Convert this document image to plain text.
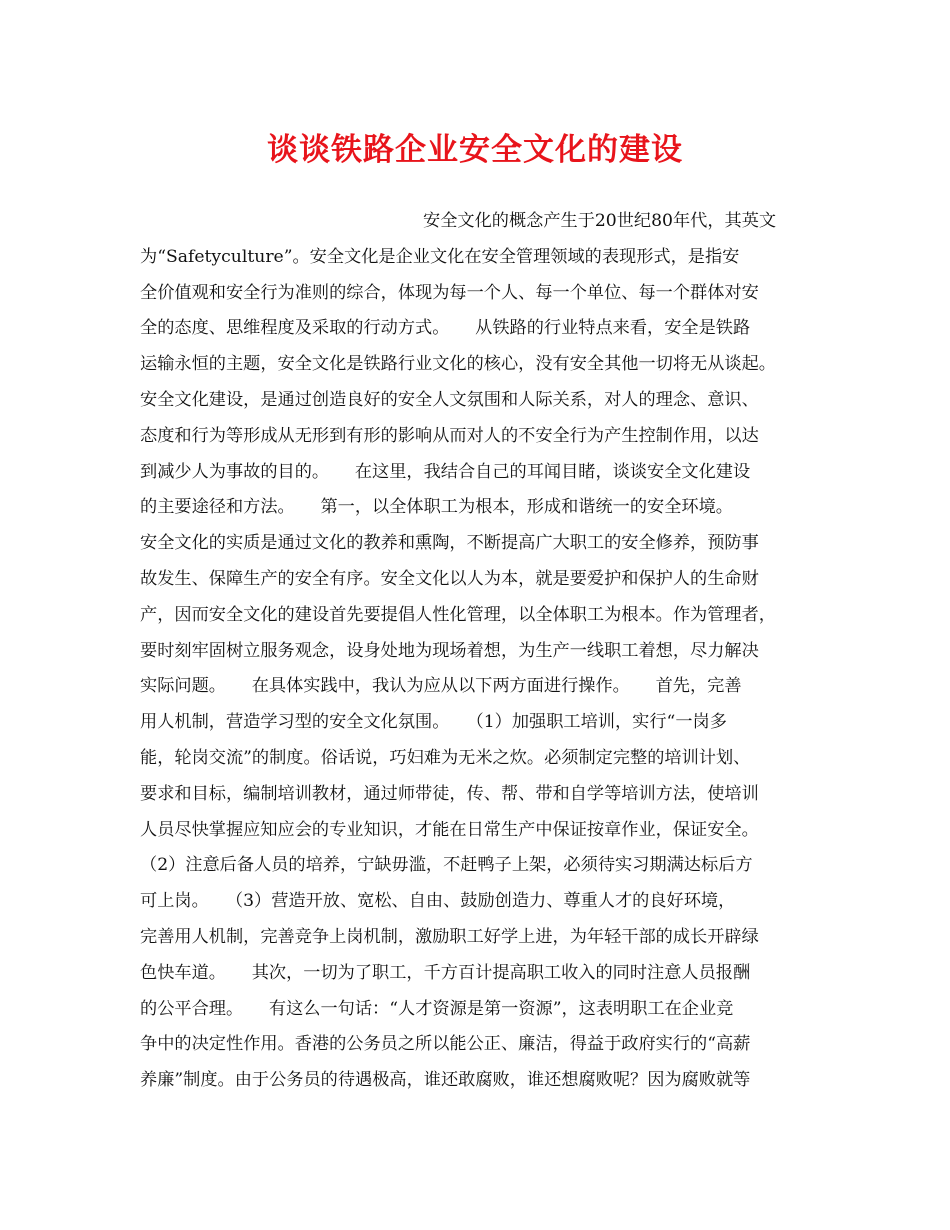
谈谈铁路企业安全文化的建设
安全文化的概念产生于20世纪80年代，其英文
为“Safetyculture”。安全文化是企业文化在安全管理领域的表现形式，是指安
全价值观和安全行为准则的综合，体现为每一个人、每一个单位、每一个群体对安
全的态度、思维程度及采取的行动方式。　　从铁路的行业特点来看，安全是铁路
运输永恒的主题，安全文化是铁路行业文化的核心，没有安全其他一切将无从谈起。
安全文化建设，是通过创造良好的安全人文氛围和人际关系，对人的理念、意识、
态度和行为等形成从无形到有形的影响从而对人的不安全行为产生控制作用，以达
到减少人为事故的目的。　　在这里，我结合自己的耳闻目睹，谈谈安全文化建设
的主要途径和方法。　　第一，以全体职工为根本，形成和谐统一的安全环境。
安全文化的实质是通过文化的教养和熏陶，不断提高广大职工的安全修养，预防事
故发生、保障生产的安全有序。安全文化以人为本，就是要爱护和保护人的生命财
产，因而安全文化的建设首先要提倡人性化管理，以全体职工为根本。作为管理者，
要时刻牢固树立服务观念，设身处地为现场着想，为生产一线职工着想，尽力解决
实际问题。　　在具体实践中，我认为应从以下两方面进行操作。　　首先，完善
用人机制，营造学习型的安全文化氛围。　　（1）加强职工培训，实行“一岗多
能，轮岗交流”的制度。俗话说，巧妇难为无米之炊。必须制定完整的培训计划、
要求和目标，编制培训教材，通过师带徒，传、帮、带和自学等培训方法，使培训
人员尽快掌握应知应会的专业知识，才能在日常生产中保证按章作业，保证安全。
（2）注意后备人员的培养，宁缺毋滥，不赶鸭子上架，必须待实习期满达标后方
可上岗。　　（3）营造开放、宽松、自由、鼓励创造力、尊重人才的良好环境，
完善用人机制，完善竞争上岗机制，激励职工好学上进，为年轻干部的成长开辟绿
色快车道。　　其次，一切为了职工，千方百计提高职工收入的同时注意人员报酬
的公平合理。　　有这么一句话：“人才资源是第一资源”，这表明职工在企业竞
争中的决定性作用。香港的公务员之所以能公正、廉洁，得益于政府实行的“高薪
养廉”制度。由于公务员的待遇极高，谁还敢腐败，谁还想腐败呢？因为腐败就等
